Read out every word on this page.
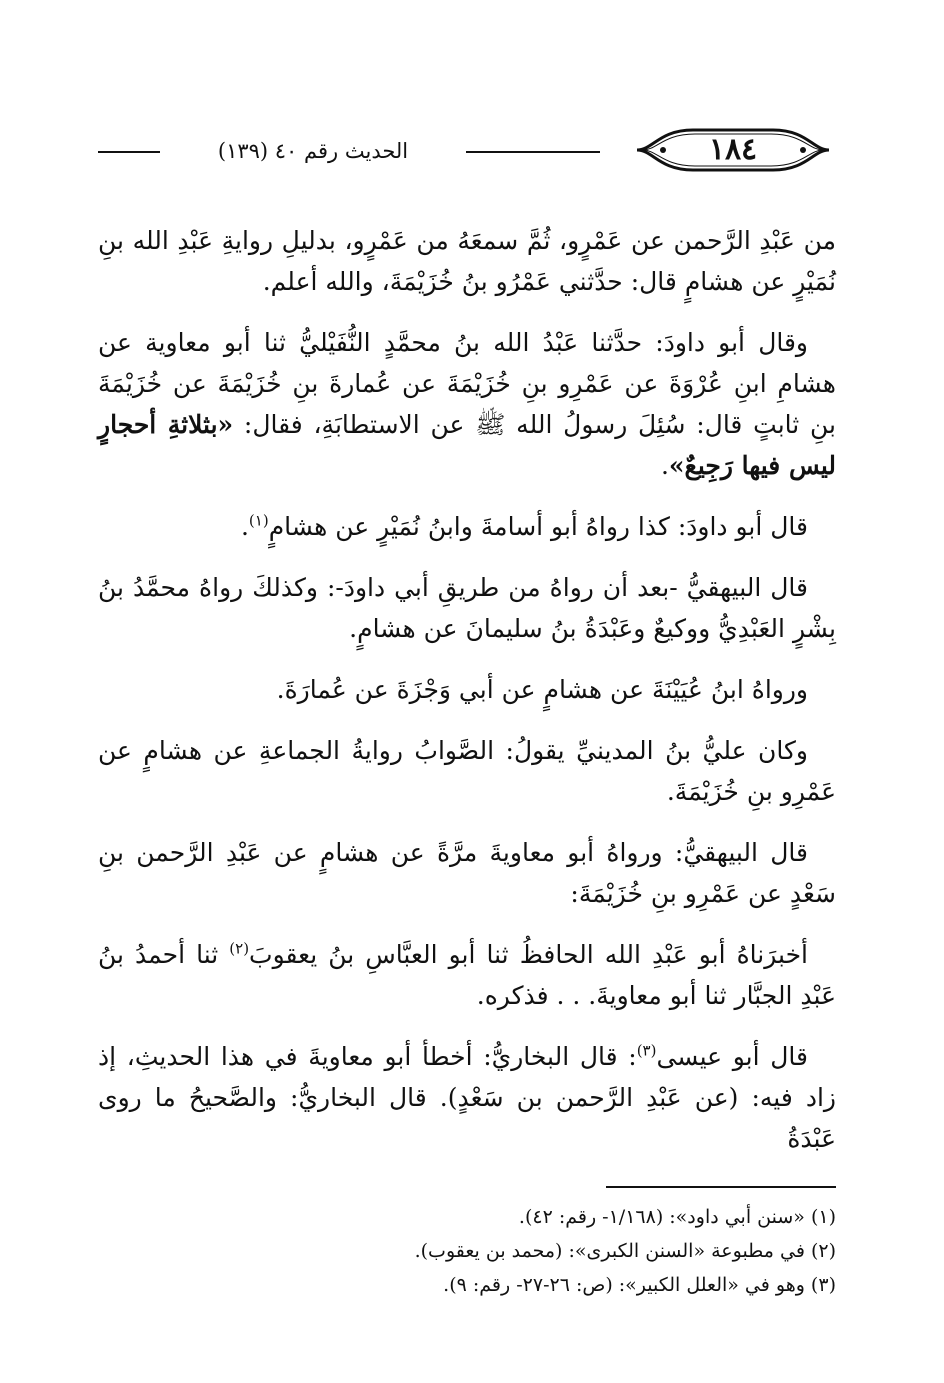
الحديث رقم ٤٠ (١٣٩)	١٨٤

من عَبْدِ الرَّحمن عن عَمْرٍو، ثُمَّ سمعَهُ من عَمْرٍو، بدليلِ روايةِ عَبْدِ الله بنِ نُمَيْرٍ عن هشامٍ قال: حدَّثني عَمْرُو بنُ خُزَيْمَةَ، والله أعلم.

وقال أبو داودَ: حدَّثنا عَبْدُ الله بنُ محمَّدٍ النُّفَيْليُّ ثنا أبو معاوية عن هشامِ ابنِ عُرْوَةَ عن عَمْرِو بنِ خُزَيْمَةَ عن عُمارةَ بنِ خُزَيْمَةَ عن خُزَيْمَةَ بنِ ثابتٍ قال: سُئِلَ رسولُ الله ﷺ عن الاستطابَةِ، فقال: «بثلاثةِ أحجارٍ ليس فيها رَجِيعٌ».

قال أبو داودَ: كذا رواهُ أبو أسامةَ وابنُ نُمَيْرٍ عن هشامٍ$^{(١)}$.

قال البيهقيُّ -بعد أن رواهُ من طريقِ أبي داودَ-: وكذلكَ رواهُ محمَّدُ بنُ بِشْرٍ العَبْدِيُّ ووكيعٌ وعَبْدَةُ بنُ سليمانَ عن هشامٍ.

ورواهُ ابنُ عُيَيْنَةَ عن هشامٍ عن أبي وَجْزَةَ عن عُمارَةَ.

وكان عليُّ بنُ المدينيِّ يقولُ: الصَّوابُ روايةُ الجماعةِ عن هشامٍ عن عَمْرِو بنِ خُزَيْمَةَ.

قال البيهقيُّ: ورواهُ أبو معاويةَ مرَّةً عن هشامٍ عن عَبْدِ الرَّحمن بنِ سَعْدٍ عن عَمْرِو بنِ خُزَيْمَةَ:

أخبرَناهُ أبو عَبْدِ الله الحافظُ ثنا أبو العبَّاسِ بنُ يعقوبَ$^{(٢)}$ ثنا أحمدُ بنُ عَبْدِ الجبَّار ثنا أبو معاويةَ. . . فذكره.

قال أبو عيسى$^{(٣)}$: قال البخاريُّ: أخطأ أبو معاويةَ في هذا الحديثِ، إذ زاد فيه: (عن عَبْدِ الرَّحمن بن سَعْدٍ). قال البخاريُّ: والصَّحيحُ ما روى عَبْدَةُ

(١) «سنن أبي داود»: (١/١٦٨- رقم: ٤٢).
(٢) في مطبوعة «السنن الكبرى»: (محمد بن يعقوب).
(٣) وهو في «العلل الكبير»: (ص: ٢٦-٢٧- رقم: ٩).
